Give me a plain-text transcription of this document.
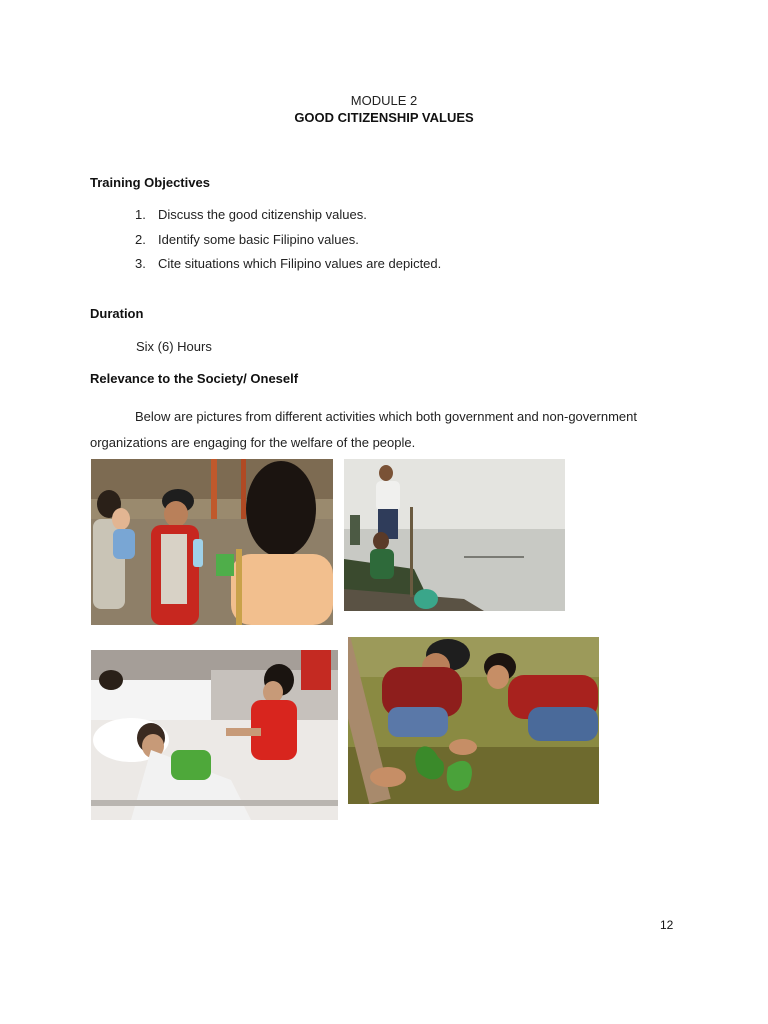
MODULE 2
GOOD CITIZENSHIP VALUES
Training Objectives
1. Discuss the good citizenship values.
2. Identify some basic Filipino values.
3. Cite situations which Filipino values are depicted.
Duration
Six (6) Hours
Relevance to the Society/ Oneself

Below are pictures from different activities which both government and non-government organizations are engaging for the welfare of the people.

12
